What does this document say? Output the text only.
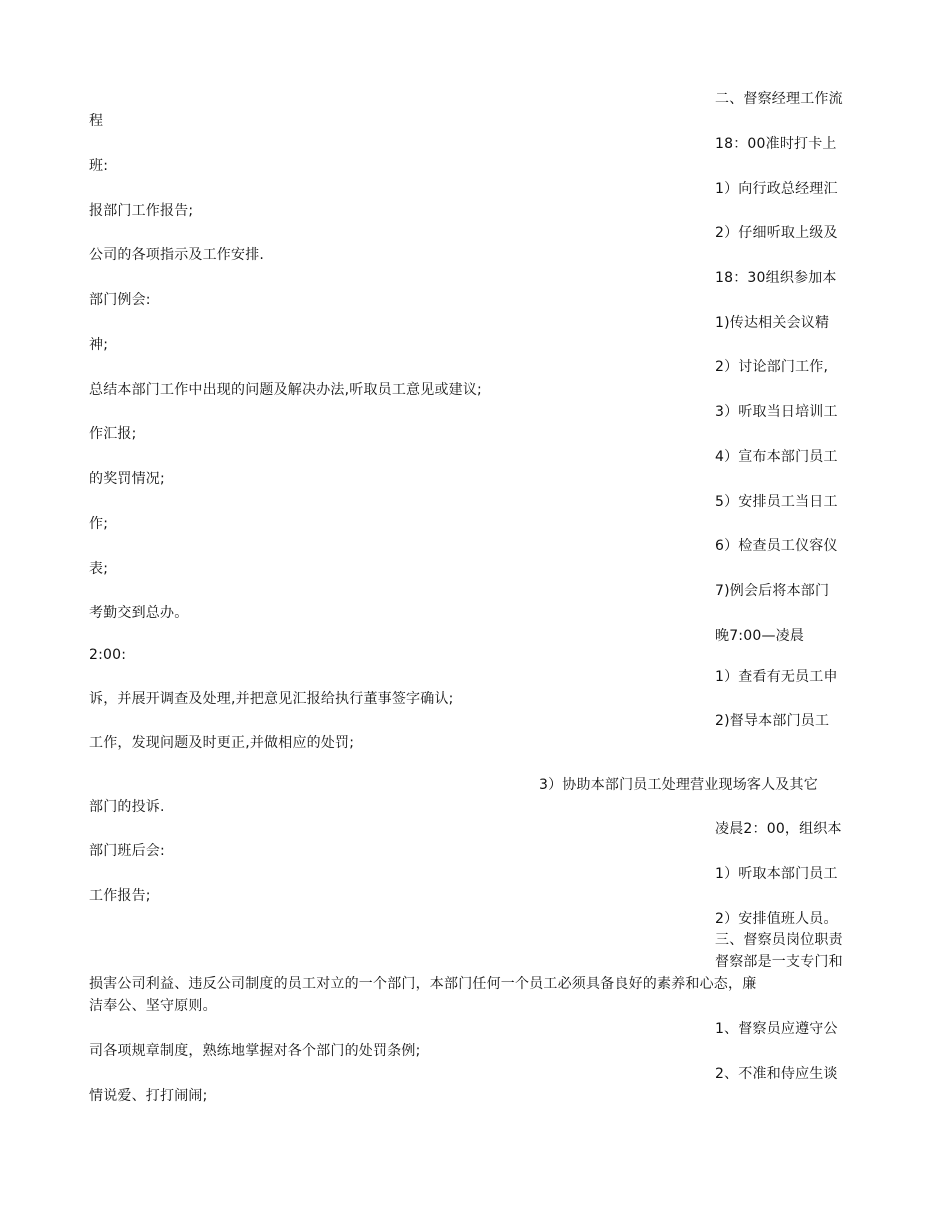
二、督察经理工作流
程
18：00准时打卡上
班:
1）向行政总经理汇
报部门工作报告;
2）仔细听取上级及
公司的各项指示及工作安排.
18：30组织参加本
部门例会:
1)传达相关会议精
神;
2）讨论部门工作,
总结本部门工作中出现的问题及解决办法,听取员工意见或建议;
3）听取当日培训工
作汇报;
4）宣布本部门员工
的奖罚情况;
5）安排员工当日工
作;
6）检查员工仪容仪
表;
7)例会后将本部门
考勤交到总办。
晚7:00—凌晨
2:00:
1）查看有无员工申
诉，并展开调查及处理,并把意见汇报给执行董事签字确认;
2)督导本部门员工
工作，发现问题及时更正,并做相应的处罚;
3）协助本部门员工处理营业现场客人及其它
部门的投诉.
凌晨2：00，组织本
部门班后会:
1）听取本部门员工
工作报告;
2）安排值班人员。
三、督察员岗位职责
督察部是一支专门和
损害公司利益、违反公司制度的员工对立的一个部门，本部门任何一个员工必须具备良好的素养和心态，廉
洁奉公、坚守原则。
1、督察员应遵守公
司各项规章制度，熟练地掌握对各个部门的处罚条例;
2、不准和侍应生谈
情说爱、打打闹闹;
